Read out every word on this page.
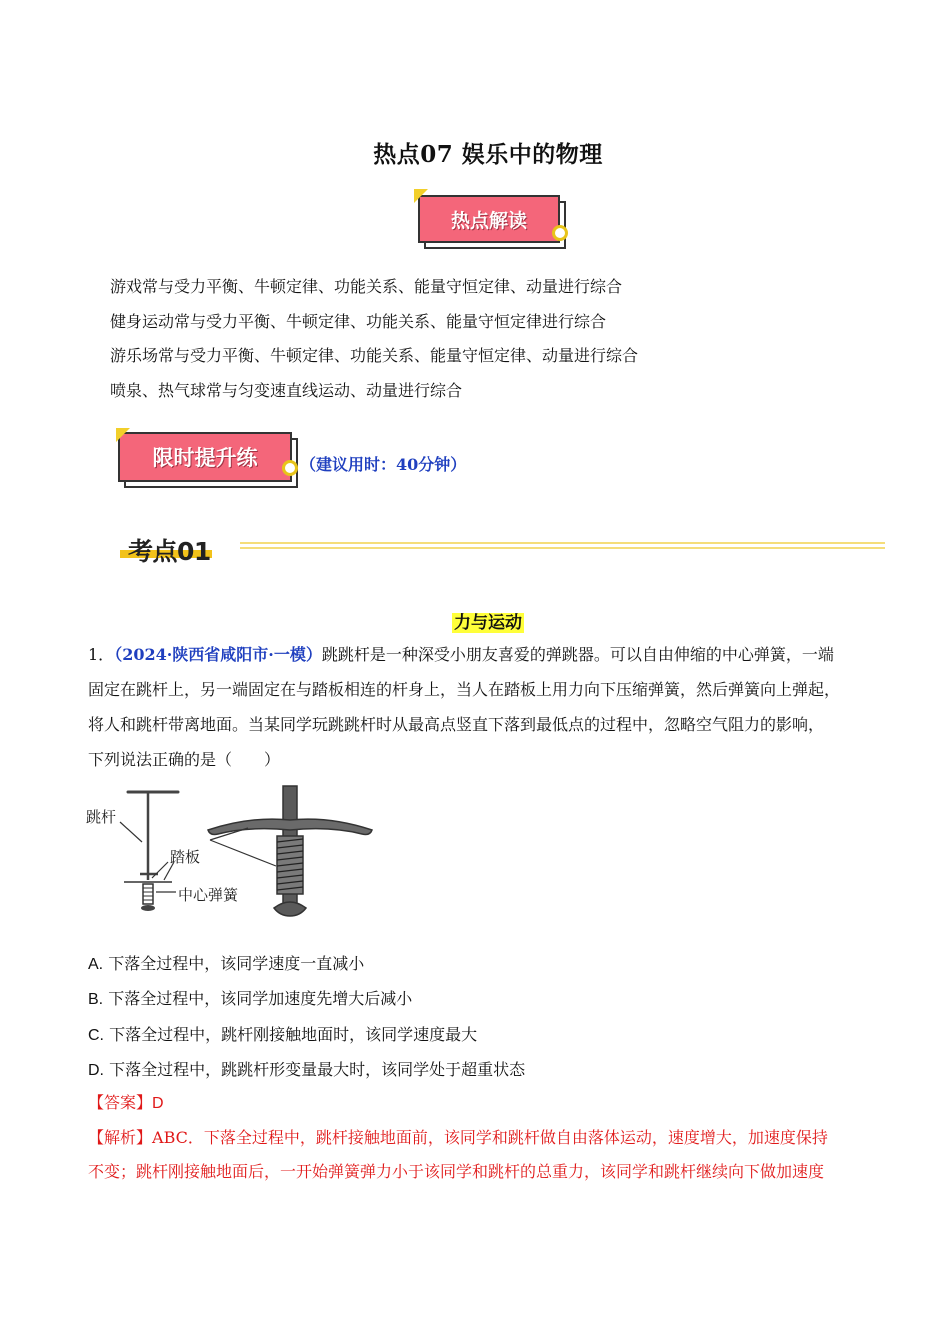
热点07 娱乐中的物理
热点解读

游戏常与受力平衡、牛顿定律、功能关系、能量守恒定律、动量进行综合

健身运动常与受力平衡、牛顿定律、功能关系、能量守恒定律进行综合

游乐场常与受力平衡、牛顿定律、功能关系、能量守恒定律、动量进行综合

喷泉、热气球常与匀变速直线运动、动量进行综合

限时提升练	（建议用时：40分钟）
考点01
力与运动
1．（2024·陕西省咸阳市·一模）跳跳杆是一种深受小朋友喜爱的弹跳器。可以自由伸缩的中心弹簧，一端
固定在跳杆上，另一端固定在与踏板相连的杆身上，当人在踏板上用力向下压缩弹簧，然后弹簧向上弹起，
将人和跳杆带离地面。当某同学玩跳跳杆时从最高点竖直下落到最低点的过程中，忽略空气阻力的影响，
下列说法正确的是（　　）
跳杆
踏板
中心弹簧
A. 下落全过程中，该同学速度一直减小
B. 下落全过程中，该同学加速度先增大后减小
C. 下落全过程中，跳杆刚接触地面时，该同学速度最大
D. 下落全过程中，跳跳杆形变量最大时，该同学处于超重状态
【答案】D
【解析】ABC．下落全过程中，跳杆接触地面前，该同学和跳杆做自由落体运动，速度增大，加速度保持
不变；跳杆刚接触地面后，一开始弹簧弹力小于该同学和跳杆的总重力，该同学和跳杆继续向下做加速度
